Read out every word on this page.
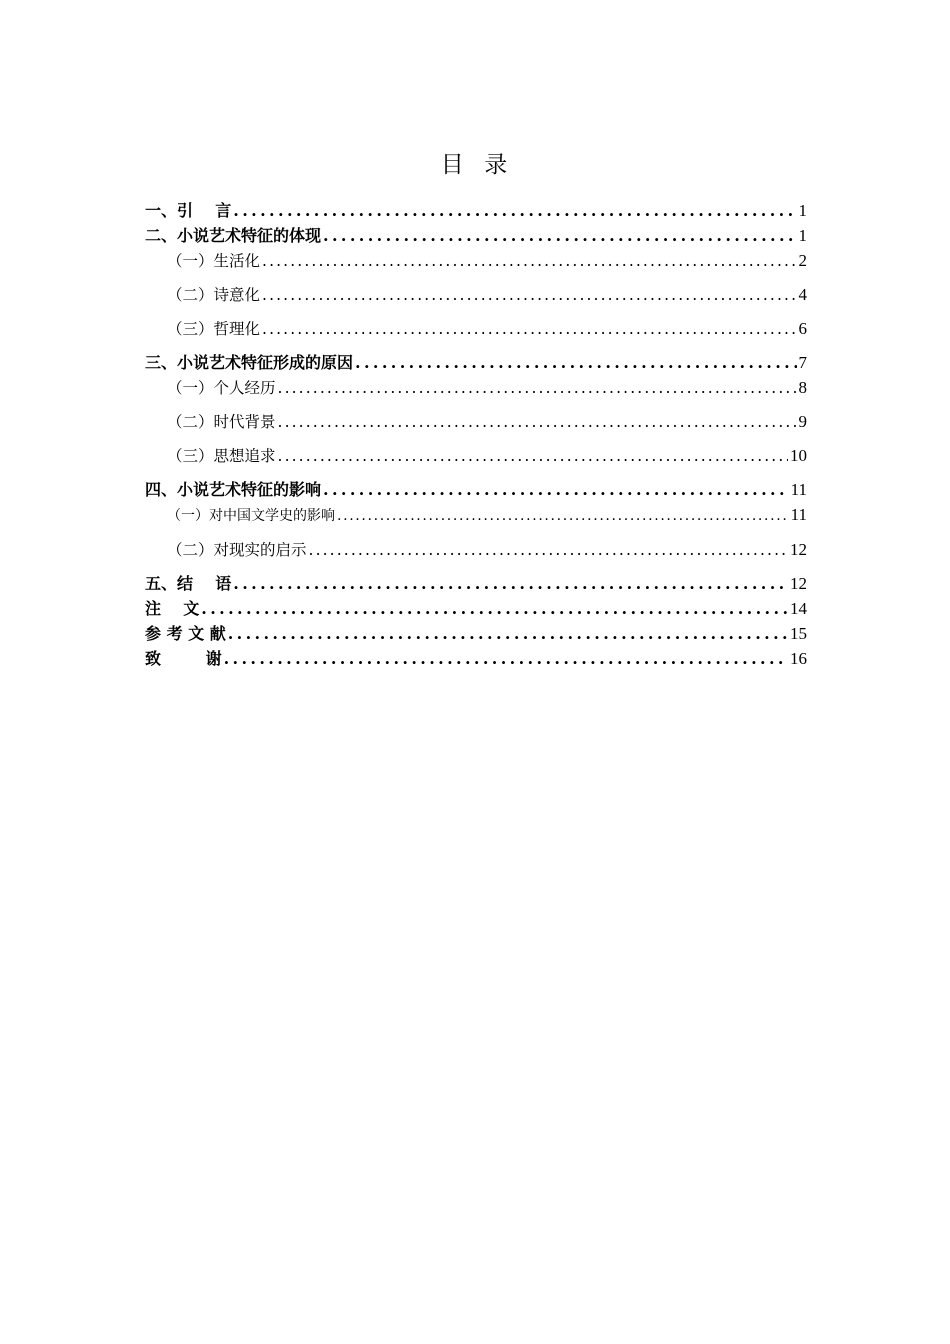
目  录
一、引    言 . . .	1
二、小说艺术特征的体现 . . .	1
（一）生活化 . . .	2
（二）诗意化 . . .	4
（三）哲理化 . . .	6
三、小说艺术特征形成的原因 . . .	7
（一）个人经历 . . .	8
（二）时代背景 . . .	9
（三）思想追求 . . .	10
四、小说艺术特征的影响 . . .	11
（一）对中国文学史的影响 . . .	11
（二）对现实的启示 . . .	12
五、结    语 . . .	12
注    文 . . .	14
参 考 文 献 . . .	15
致        谢 . . .	16
